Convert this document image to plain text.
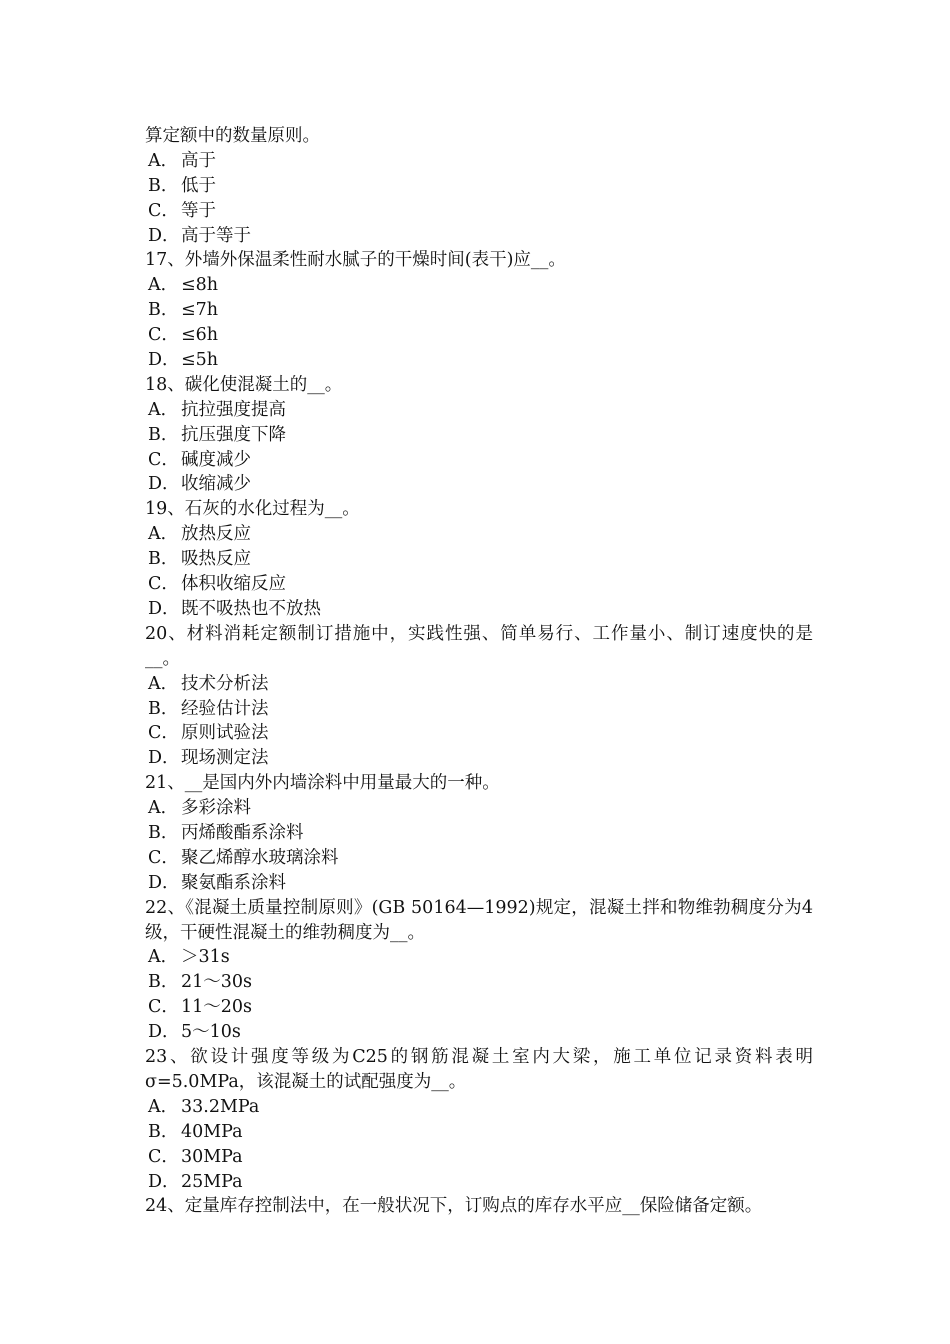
算定额中的数量原则。
A． 高于
B． 低于
C． 等于
D．高于等于
17、外墙外保温柔性耐水腻子的干燥时间(表干)应__。
A． ≤8h
B． ≤7h
C． ≤6h
D．≤5h
18、碳化使混凝土的__。
A． 抗拉强度提高
B． 抗压强度下降
C． 碱度减少
D．收缩减少
19、石灰的水化过程为__。
A． 放热反应
B． 吸热反应
C． 体积收缩反应
D．既不吸热也不放热
20、材料消耗定额制订措施中，实践性强、简单易行、工作量小、制订速度快的是__。
A． 技术分析法
B． 经验估计法
C． 原则试验法
D．现场测定法
21、__是国内外内墙涂料中用量最大的一种。
A． 多彩涂料
B． 丙烯酸酯系涂料
C． 聚乙烯醇水玻璃涂料
D．聚氨酯系涂料
22、《混凝土质量控制原则》(GB 50164—1992)规定，混凝土拌和物维勃稠度分为4级，干硬性混凝土的维勃稠度为__。
A． ＞31s
B． 21～30s
C． 11～20s
D．5～10s
23、欲设计强度等级为C25的钢筋混凝土室内大梁，施工单位记录资料表明σ=5.0MPa，该混凝土的试配强度为__。
A． 33.2MPa
B． 40MPa
C． 30MPa
D．25MPa
24、定量库存控制法中，在一般状况下，订购点的库存水平应__保险储备定额。
